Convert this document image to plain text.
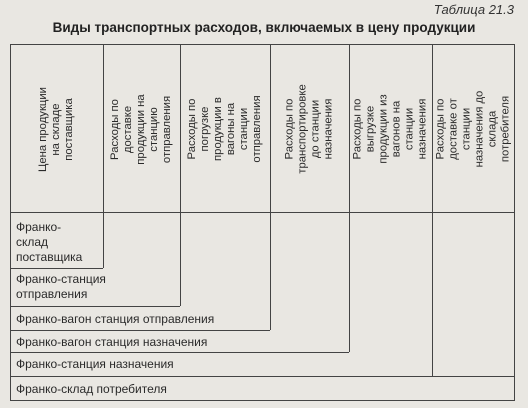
Таблица 21.3
Виды транспортных расходов, включаемых в цену продукции
Цена продукции на складе поставщика	Расходы по доставке продукции на станцию отправления Расходы по погрузке продукции в вагоны на станции отправления Расходы по транспортировке до станции назначения Расходы по выгрузке продукции из вагонов на станции назначения Расходы по доставке от станции назначения до склада потребителя
Франко-склад поставщика
Франко-станция отправления
Франко-вагон станция отправления
Франко-вагон станция назначения
Франко-станция назначения
Франко-склад потребителя
